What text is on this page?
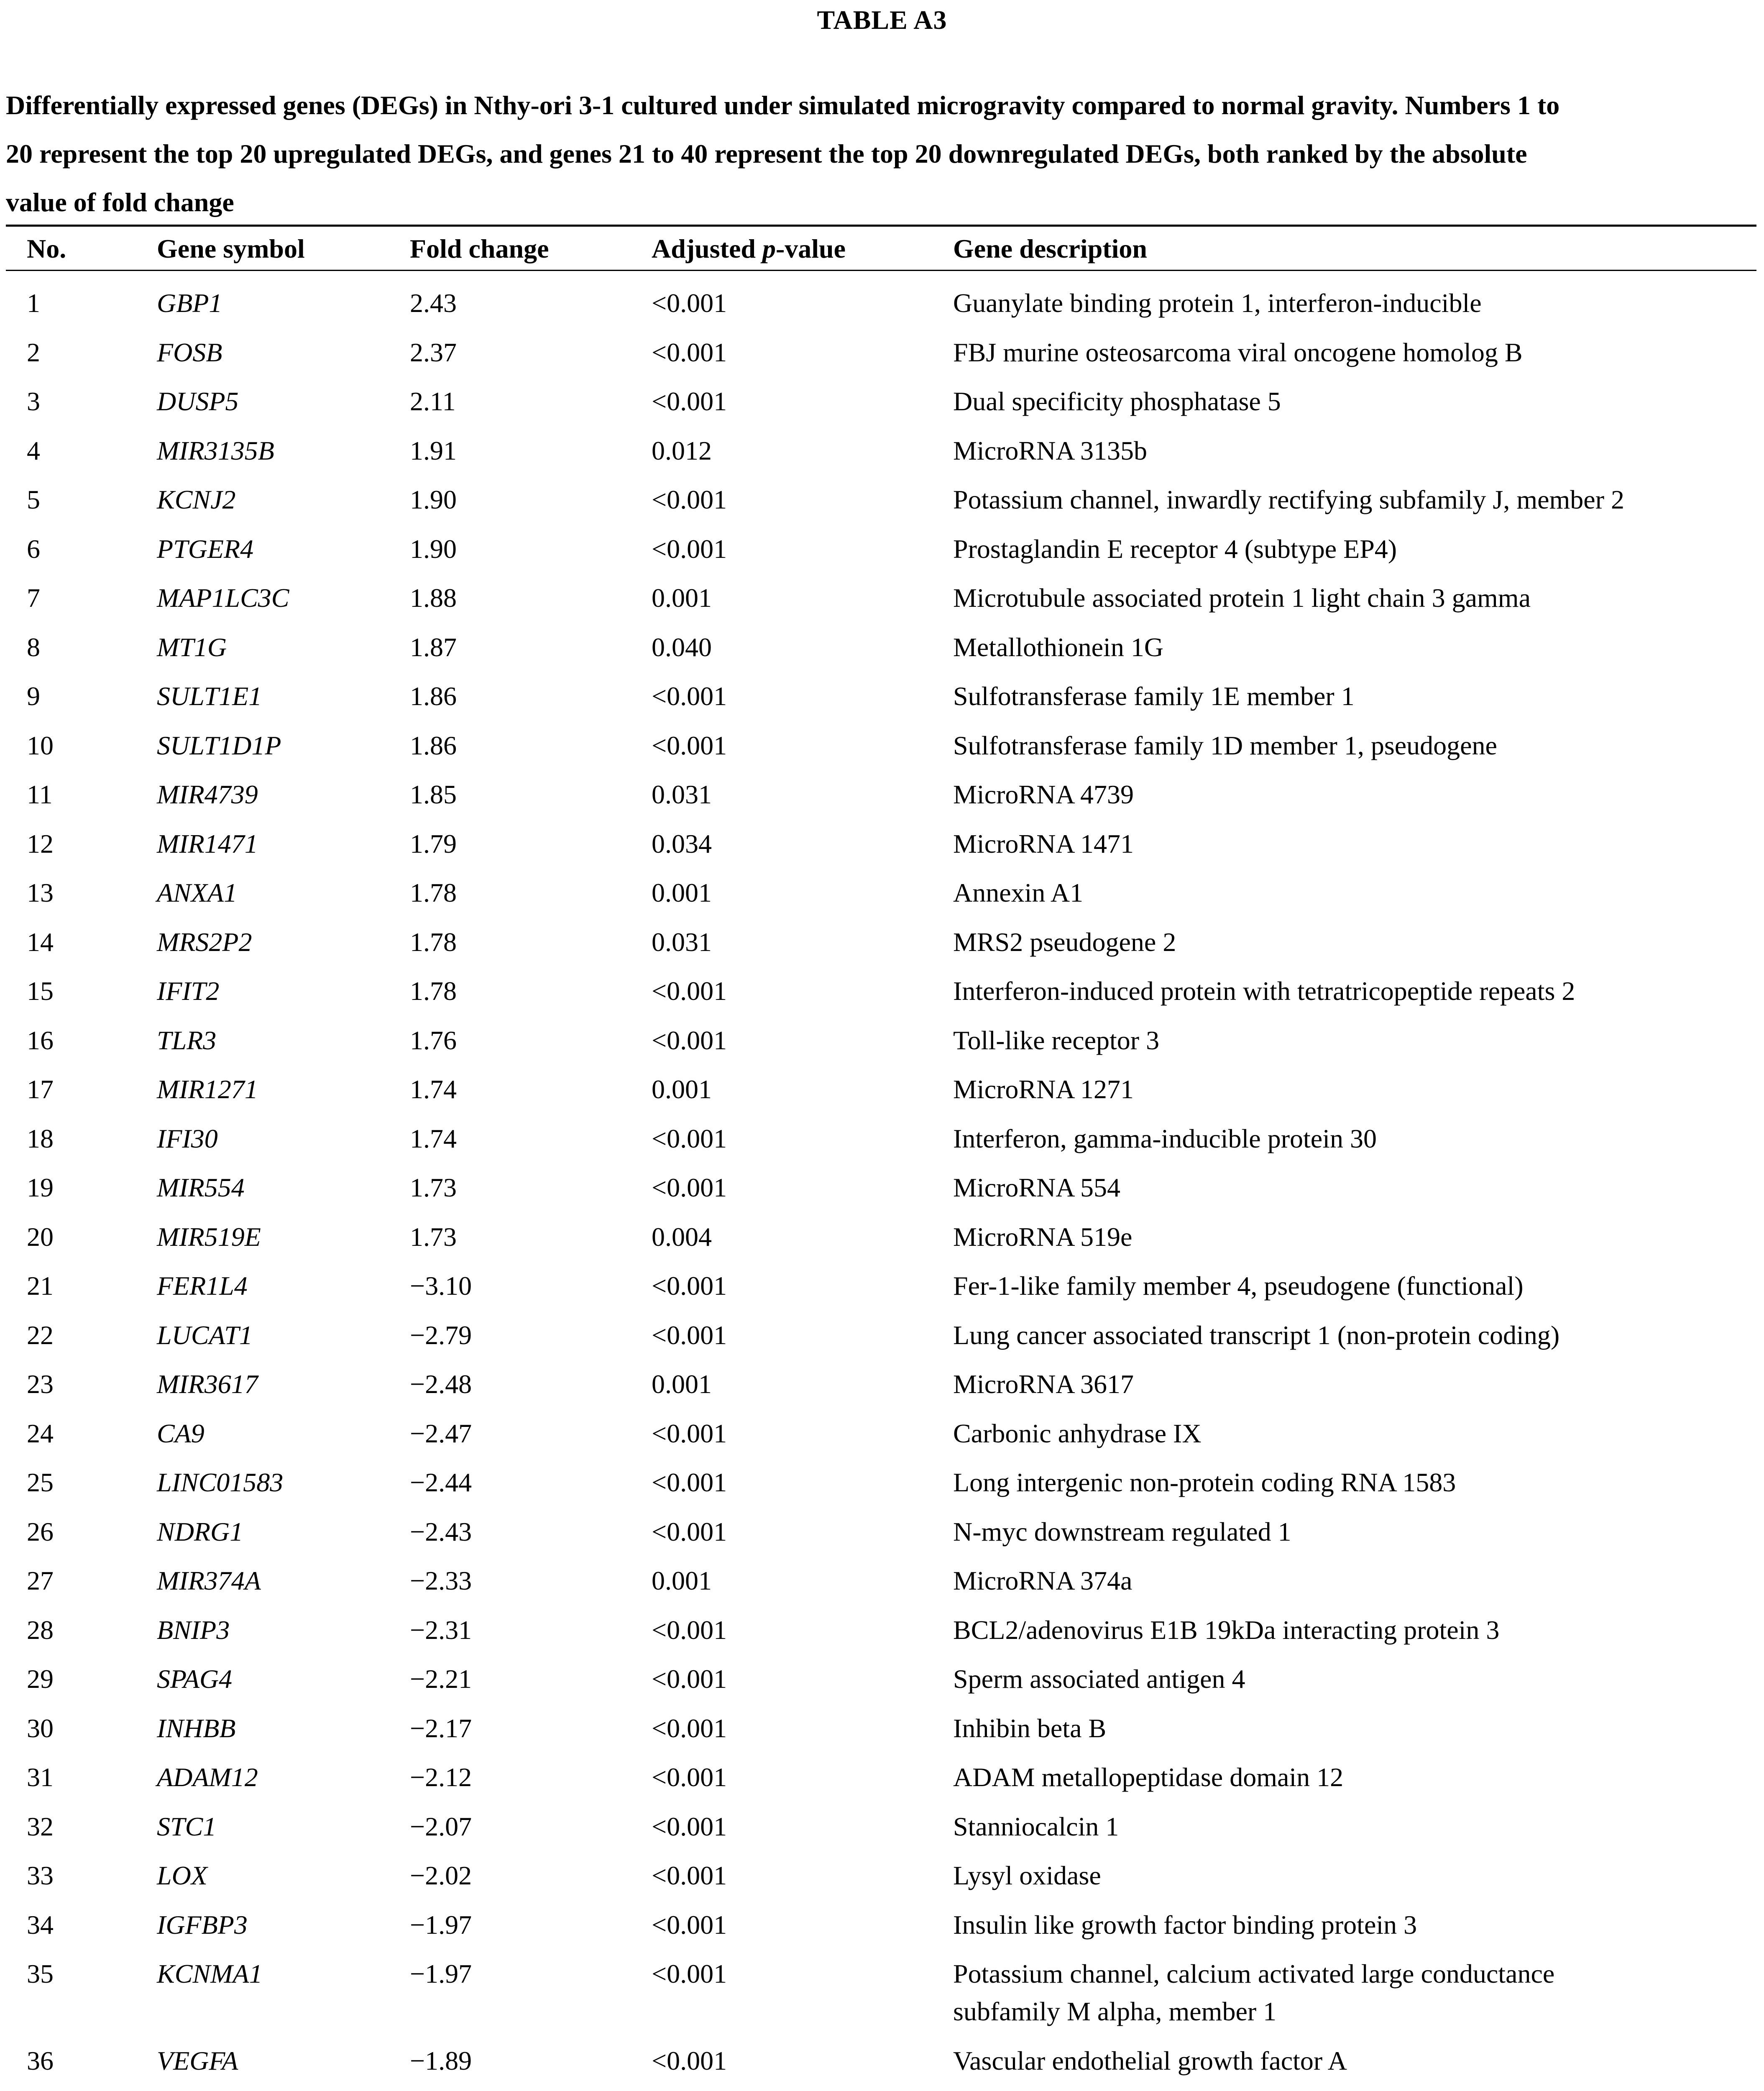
TABLE A3
Differentially expressed genes (DEGs) in Nthy-ori 3-1 cultured under simulated microgravity compared to normal gravity. Numbers 1 to
20 represent the top 20 upregulated DEGs, and genes 21 to 40 represent the top 20 downregulated DEGs, both ranked by the absolute
value of fold change
No.	Gene symbol	Fold change	Adjusted p-value	Gene description
1	GBP1	2.43	<0.001	Guanylate binding protein 1, interferon-inducible
2	FOSB	2.37	<0.001	FBJ murine osteosarcoma viral oncogene homolog B
3	DUSP5	2.11	<0.001	Dual specificity phosphatase 5
4	MIR3135B	1.91	0.012	MicroRNA 3135b
5	KCNJ2	1.90	<0.001	Potassium channel, inwardly rectifying subfamily J, member 2
6	PTGER4	1.90	<0.001	Prostaglandin E receptor 4 (subtype EP4)
7	MAP1LC3C	1.88	0.001	Microtubule associated protein 1 light chain 3 gamma
8	MT1G	1.87	0.040	Metallothionein 1G
9	SULT1E1	1.86	<0.001	Sulfotransferase family 1E member 1
10	SULT1D1P	1.86	<0.001	Sulfotransferase family 1D member 1, pseudogene
11	MIR4739	1.85	0.031	MicroRNA 4739
12	MIR1471	1.79	0.034	MicroRNA 1471
13	ANXA1	1.78	0.001	Annexin A1
14	MRS2P2	1.78	0.031	MRS2 pseudogene 2
15	IFIT2	1.78	<0.001	Interferon-induced protein with tetratricopeptide repeats 2
16	TLR3	1.76	<0.001	Toll-like receptor 3
17	MIR1271	1.74	0.001	MicroRNA 1271
18	IFI30	1.74	<0.001	Interferon, gamma-inducible protein 30
19	MIR554	1.73	<0.001	MicroRNA 554
20	MIR519E	1.73	0.004	MicroRNA 519e
21	FER1L4	−3.10	<0.001	Fer-1-like family member 4, pseudogene (functional)
22	LUCAT1	−2.79	<0.001	Lung cancer associated transcript 1 (non-protein coding)
23	MIR3617	−2.48	0.001	MicroRNA 3617
24	CA9	−2.47	<0.001	Carbonic anhydrase IX
25	LINC01583	−2.44	<0.001	Long intergenic non-protein coding RNA 1583
26	NDRG1	−2.43	<0.001	N-myc downstream regulated 1
27	MIR374A	−2.33	0.001	MicroRNA 374a
28	BNIP3	−2.31	<0.001	BCL2/adenovirus E1B 19kDa interacting protein 3
29	SPAG4	−2.21	<0.001	Sperm associated antigen 4
30	INHBB	−2.17	<0.001	Inhibin beta B
31	ADAM12	−2.12	<0.001	ADAM metallopeptidase domain 12
32	STC1	−2.07	<0.001	Stanniocalcin 1
33	LOX	−2.02	<0.001	Lysyl oxidase
34	IGFBP3	−1.97	<0.001	Insulin like growth factor binding protein 3
35	KCNMA1	−1.97	<0.001	Potassium channel, calcium activated large conductance
subfamily M alpha, member 1
36	VEGFA	−1.89	<0.001	Vascular endothelial growth factor A
